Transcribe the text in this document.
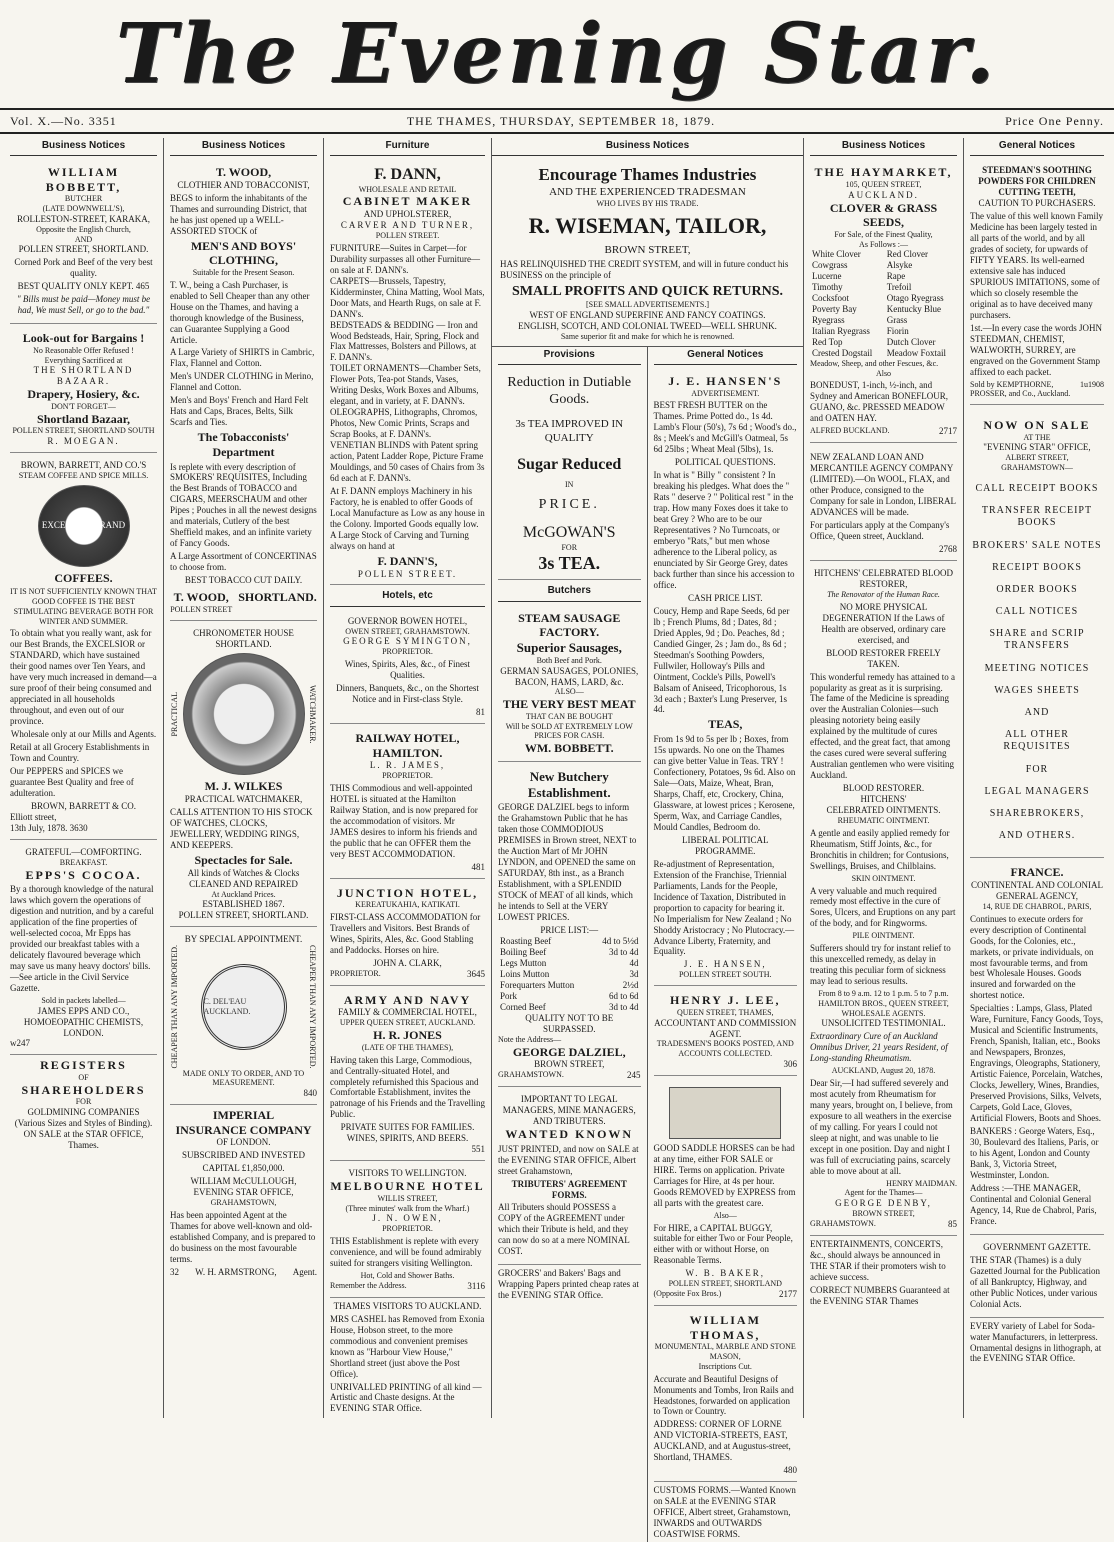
The Evening Star.
Vol. X.—No. 3351	THE THAMES, THURSDAY, SEPTEMBER 18, 1879.	Price One Penny.
Business Notices
WILLIAM BOBBETT,
BUTCHER
(LATE DOWNWELL'S),
ROLLESTON-STREET, KARAKA,
Opposite the English Church,
AND
POLLEN STREET, SHORTLAND.

Corned Pork and Beef of the very best quality.

BEST QUALITY ONLY KEPT. 465

" Bills must be paid—Money must be had, We must Sell, or go to the bad."

Look-out for Bargains !
No Reasonable Offer Refused !
Everything Sacrificed at
THE SHORTLAND BAZAAR.
Drapery, Hosiery, &c.
DON'T FORGET—
Shortland Bazaar,
POLLEN STREET, SHORTLAND SOUTH
R. MOEGAN.
BROWN, BARRETT, AND CO.'S
STEAM COFFEE AND SPICE MILLS.
EXCELSIOR BRAND
COFFEES.

IT IS NOT SUFFICIENTLY KNOWN THAT GOOD COFFEE IS THE BEST STIMULATING BEVERAGE BOTH FOR WINTER AND SUMMER.

To obtain what you really want, ask for our Best Brands, the EXCELSIOR or STANDARD, which have sustained their good names over Ten Years, and have very much increased in demand—a sure proof of their being consumed and appreciated in all households throughout, and even out of our province.

Wholesale only at our Mills and Agents.

Retail at all Grocery Establishments in Town and Country.

Our PEPPERS and SPICES we guarantee Best Quality and free of adulteration.

BROWN, BARRETT & CO.
Elliott street,
13th July, 1878. 3630
GRATEFUL—COMFORTING.
BREAKFAST.
EPPS'S COCOA.

By a thorough knowledge of the natural laws which govern the operations of digestion and nutrition, and by a careful application of the fine properties of well-selected cocoa, Mr Epps has provided our breakfast tables with a delicately flavoured beverage which may save us many heavy doctors' bills.—See article in the Civil Service Gazette.

Sold in packets labelled—
JAMES EPPS AND CO., HOMOEOPATHIC CHEMISTS, LONDON.
w247
REGISTERS
OF
SHAREHOLDERS
FOR
GOLDMINING COMPANIES
(Various Sizes and Styles of Binding).
ON SALE at the STAR OFFICE, Thames.
Business Notices
T. WOOD,
CLOTHIER AND TOBACCONIST,

BEGS to inform the inhabitants of the Thames and surrounding District, that he has just opened up a WELL-ASSORTED STOCK of

MEN'S AND BOYS' CLOTHING,
Suitable for the Present Season.

T. W., being a Cash Purchaser, is enabled to Sell Cheaper than any other House on the Thames, and having a thorough knowledge of the Business, can Guarantee Supplying a Good Article.

A Large Variety of SHIRTS in Cambric, Flax, Flannel and Cotton.

Men's UNDER CLOTHING in Merino, Flannel and Cotton.

Men's and Boys' French and Hard Felt Hats and Caps, Braces, Belts, Silk Scarfs and Ties.

The Tobacconists' Department

Is replete with every description of SMOKERS' REQUISITES, Including the Best Brands of TOBACCO and CIGARS, MEERSCHAUM and other Pipes ; Pouches in all the newest designs and materials, Cutlery of the best Sheffield makes, and an infinite variety of Fancy Goods.

A Large Assortment of CONCERTINAS to choose from.

BEST TOBACCO CUT DAILY.
T. WOOD,
POLLEN STREET
SHORTLAND.
CHRONOMETER HOUSE
SHORTLAND.
PRACTICAL	WATCHMAKER.
M. J. WILKES
PRACTICAL WATCHMAKER,

CALLS ATTENTION TO HIS STOCK OF WATCHES, CLOCKS, JEWELLERY, WEDDING RINGS, AND KEEPERS.

Spectacles for Sale.
All kinds of Watches & Clocks
CLEANED AND REPAIRED
At Auckland Prices.
ESTABLISHED 1867.
POLLEN STREET, SHORTLAND.
BY SPECIAL APPOINTMENT.
CHEAPER THAN ANY IMPORTED.	C. DEL'EAU AUCKLAND.	CHEAPER THAN ANY IMPORTED.
MADE ONLY TO ORDER, AND TO MEASUREMENT.
840
IMPERIAL
INSURANCE COMPANY
OF LONDON.

SUBSCRIBED AND INVESTED

CAPITAL £1,850,000.

WILLIAM McCULLOUGH,
EVENING STAR OFFICE,
GRAHAMSTOWN,

Has been appointed Agent at the Thames for above well-known and old-established Company, and is prepared to do business on the most favourable terms.

32 W. H. ARMSTRONG, Agent.
Furniture
F. DANN,
WHOLESALE AND RETAIL
CABINET MAKER
AND UPHOLSTERER,
CARVER AND TURNER,
POLLEN STREET.

FURNITURE—Suites in Carpet—for Durability surpasses all other Furniture—on sale at F. DANN's.
CARPETS—Brussels, Tapestry, Kidderminster, China Matting, Wool Mats, Door Mats, and Hearth Rugs, on sale at F. DANN's.
BEDSTEADS & BEDDING — Iron and Wood Bedsteads, Hair, Spring, Flock and Flax Mattresses, Bolsters and Pillows, at F. DANN's.
TOILET ORNAMENTS—Chamber Sets, Flower Pots, Tea-pot Stands, Vases, Writing Desks, Work Boxes and Albums, elegant, and in variety, at F. DANN's.
OLEOGRAPHS, Lithographs, Chromos, Photos, New Comic Prints, Scraps and Scrap Books, at F. DANN's.
VENETIAN BLINDS with Patent spring action, Patent Ladder Rope, Picture Frame Mouldings, and 50 cases of Chairs from 3s 6d each at F. DANN's.

At F. DANN employs Machinery in his Factory, he is enabled to offer Goods of Local Manufacture as Low as any house in the Colony. Imported Goods equally low. A Large Stock of Carving and Turning always on hand at

F. DANN'S,
POLLEN STREET.
Hotels, etc
GOVERNOR BOWEN HOTEL,
OWEN STREET, GRAHAMSTOWN.
GEORGE SYMINGTON,
PROPRIETOR.

Wines, Spirits, Ales, &c., of Finest Qualities.

Dinners, Banquets, &c., on the Shortest Notice and in First-class Style.

81
RAILWAY HOTEL, HAMILTON.
L. R. JAMES,
PROPRIETOR.

THIS Commodious and well-appointed HOTEL is situated at the Hamilton Railway Station, and is now prepared for the accommodation of visitors. Mr JAMES desires to inform his friends and the public that he can OFFER them the very BEST ACCOMMODATION.

481
JUNCTION HOTEL,
KEREATUKAHIA, KATIKATI.

FIRST-CLASS ACCOMMODATION for Travellers and Visitors. Best Brands of Wines, Spirits, Ales, &c. Good Stabling and Paddocks. Horses on hire.

JOHN A. CLARK,
PROPRIETOR.	3645
ARMY AND NAVY
FAMILY & COMMERCIAL HOTEL,
UPPER QUEEN STREET, AUCKLAND.
H. R. JONES
(LATE OF THE THAMES),

Having taken this Large, Commodious, and Centrally-situated Hotel, and completely refurnished this Spacious and Comfortable Establishment, invites the patronage of his Friends and the Travelling Public.

PRIVATE SUITES FOR FAMILIES.
WINES, SPIRITS, AND BEERS.
551
VISITORS TO WELLINGTON.
MELBOURNE HOTEL
WILLIS STREET,
(Three minutes' walk from the Wharf.)
J. N. OWEN,
PROPRIETOR.

THIS Establishment is replete with every convenience, and will be found admirably suited for strangers visiting Wellington.

Hot, Cold and Shower Baths.
Remember the Address.	3116
THAMES VISITORS TO AUCKLAND.

MRS CASHEL has Removed from Exonia House, Hobson street, to the more commodious and convenient premises known as "Harbour View House," Shortland street (just above the Post Office).

UNRIVALLED PRINTING of all kind —Artistic and Chaste designs. At the EVENING STAR Office.

Business Notices
Encourage Thames Industries
AND THE EXPERIENCED TRADESMAN
WHO LIVES BY HIS TRADE.
R. WISEMAN, TAILOR,
BROWN STREET,

HAS RELINQUISHED THE CREDIT SYSTEM, and will in future conduct his BUSINESS on the principle of

SMALL PROFITS AND QUICK RETURNS.
[SEE SMALL ADVERTISEMENTS.]
WEST OF ENGLAND SUPERFINE AND FANCY COATINGS.
ENGLISH, SCOTCH, AND COLONIAL TWEED—WELL SHRUNK.
Same superior fit and make for which he is renowned.
Provisions
Reduction in Dutiable
Goods.

3s TEA IMPROVED IN QUALITY

Sugar Reduced
IN
PRICE.
McGOWAN'S
FOR
3s TEA.
Butchers
STEAM SAUSAGE FACTORY.
Superior Sausages,
Both Beef and Pork.
GERMAN SAUSAGES, POLONIES,
BACON, HAMS, LARD, &c.
ALSO—
THE VERY BEST MEAT
THAT CAN BE BOUGHT
Will be SOLD AT EXTREMELY LOW
PRICES FOR CASH.
WM. BOBBETT.
New Butchery Establishment.

GEORGE DALZIEL begs to inform the Grahamstown Public that he has taken those COMMODIOUS PREMISES in Brown street, NEXT to the Auction Mart of Mr JOHN LYNDON, and OPENED the same on SATURDAY, 8th inst., as a Branch Establishment, with a SPLENDID STOCK of MEAT of all kinds, which he intends to Sell at the VERY LOWEST PRICES.

PRICE LIST:—
Roasting Beef	4d to 5½d
Boiling Beef	3d to 4d
Legs Mutton	4d
Loins Mutton	3d
Forequarters Mutton	2½d
Pork	6d to 6d
Corned Beef	3d to 4d
QUALITY NOT TO BE SURPASSED.
Note the Address—
GEORGE DALZIEL,
BROWN STREET,
GRAHAMSTOWN.	245
IMPORTANT TO LEGAL MANAGERS, MINE MANAGERS, AND TRIBUTERS.
WANTED KNOWN

JUST PRINTED, and now on SALE at the EVENING STAR OFFICE, Albert street Grahamstown,

TRIBUTERS' AGREEMENT FORMS.

All Tributers should POSSESS a COPY of the AGREEMENT under which their Tribute is held, and they can now do so at a mere NOMINAL COST.

GROCERS' and Bakers' Bags and Wrapping Papers printed cheap rates at the EVENING STAR Office.

General Notices
J. E. HANSEN'S
ADVERTISEMENT.

BEST FRESH BUTTER on the Thames. Prime Potted do., 1s 4d. Lamb's Flour (50's), 7s 6d ; Wood's do., 8s ; Meek's and McGill's Oatmeal, 5s 6d 25lbs ; Wheat Meal (5lbs), 1s.

POLITICAL QUESTIONS.

In what is " Billy " consistent ? In breaking his pledges. What does the " Rats " deserve ? " Political rest " in the trap. How many Foxes does it take to beat Grey ? Who are to be our Representatives ? No Turncoats, or emberyo "Rats," but men whose adherence to the Liberal policy, as enunciated by Sir George Grey, dates back further than since his accession to office.

CASH PRICE LIST.

Coucy, Hemp and Rape Seeds, 6d per lb ; French Plums, 8d ; Dates, 8d ; Dried Apples, 9d ; Do. Peaches, 8d ; Candied Ginger, 2s ; Jam do., 8s 6d ; Steedman's Soothing Powders, Fullwiler, Holloway's Pills and Ointment, Cockle's Pills, Powell's Balsam of Aniseed, Tricophorous, 1s 3d each ; Baxter's Lung Preserver, 1s 4d.

TEAS,

From 1s 9d to 5s per lb ; Boxes, from 15s upwards. No one on the Thames can give better Value in Teas. TRY ! Confectionery, Potatoes, 9s 6d. Also on Sale—Oats, Maize, Wheat, Bran, Sharps, Chaff, etc, Crockery, China, Glassware, at lowest prices ; Kerosene, Sperm, Wax, and Carriage Candles, Mould Candles, Bedroom do.

LIBERAL POLITICAL PROGRAMME.

Re-adjustment of Representation, Extension of the Franchise, Triennial Parliaments, Lands for the People, Incidence of Taxation, Distributed in proportion to capacity for bearing it. No Imperialism for New Zealand ; No Shoddy Aristocracy ; No Plutocracy.—Advance Liberty, Fraternity, and Equality.

J. E. HANSEN,
POLLEN STREET SOUTH.
HENRY J. LEE,
QUEEN STREET, THAMES,
ACCOUNTANT AND COMMISSION AGENT.
TRADESMEN'S BOOKS POSTED, AND ACCOUNTS COLLECTED.
306

GOOD SADDLE HORSES can be had at any time, either FOR SALE or HIRE. Terms on application. Private Carriages for Hire, at 4s per hour. Goods REMOVED by EXPRESS from all parts with the greatest care.

Also—

For HIRE, a CAPITAL BUGGY, suitable for either Two or Four People, either with or without Horse, on Reasonable Terms.

W. B. BAKER,
POLLEN STREET, SHORTLAND
(Opposite Fox Bros.)	2177
WILLIAM THOMAS,
MONUMENTAL, MARBLE AND STONE MASON,
Inscriptions Cut.

Accurate and Beautiful Designs of Monuments and Tombs, Iron Rails and Headstones, forwarded on application to Town or Country.

ADDRESS: CORNER OF LORNE AND VICTORIA-STREETS, EAST, AUCKLAND, and at Augustus-street, Shortland, THAMES.

480

CUSTOMS FORMS.—Wanted Known on SALE at the EVENING STAR OFFICE, Albert street, Grahamstown, INWARDS and OUTWARDS COASTWISE FORMS.

Business Notices
THE HAYMARKET,
105, QUEEN STREET,
AUCKLAND.
CLOVER & GRASS SEEDS,
For Sale, of the Finest Quality,
As Follows :—
White Clover	Red Clover
Cowgrass	Alsyke
Lucerne	Rape
Timothy	Trefoil
Cocksfoot	Otago Ryegrass
Poverty Bay Ryegrass	Kentucky Blue Grass
Italian Ryegrass	Fiorin
Red Top	Dutch Clover
Crested Dogstail	Meadow Foxtail
Meadow, Sheep, and other Fescues, &c.
Also

BONEDUST, 1-inch, ½-inch, and Sydney and American BONEFLOUR, GUANO, &c. PRESSED MEADOW and OATEN HAY.

ALFRED BUCKLAND.	2717

NEW ZEALAND LOAN AND MERCANTILE AGENCY COMPANY (LIMITED).—On WOOL, FLAX, and other Produce, consigned to the Company for sale in London, LIBERAL ADVANCES will be made.

For particulars apply at the Company's Office, Queen street, Auckland.

2768
HITCHENS' CELEBRATED BLOOD RESTORER,
The Renovator of the Human Race.

NO MORE PHYSICAL DEGENERATION If the Laws of Health are observed, ordinary care exercised, and

BLOOD RESTORER FREELY TAKEN.

This wonderful remedy has attained to a popularity as great as it is surprising. The fame of the Medicine is spreading over the Australian Colonies—such pleasing notoriety being easily explained by the multitude of cures effected, and the great fact, that among the cases cured were several suffering Australian gentlemen who were visiting Auckland.

BLOOD RESTORER.
HITCHENS'
CELEBRATED OINTMENTS.
RHEUMATIC OINTMENT.

A gentle and easily applied remedy for Rheumatism, Stiff Joints, &c., for Bronchitis in children; for Contusions, Swellings, Bruises, and Chilblains.

SKIN OINTMENT.

A very valuable and much required remedy most effective in the cure of Sores, Ulcers, and Eruptions on any part of the body, and for Ringworms.

PILE OINTMENT.

Sufferers should try for instant relief to this unexcelled remedy, as delay in treating this peculiar form of sickness may lead to serious results.

From 8 to 9 a.m. 12 to 1 p.m. 5 to 7 p.m.
HAMILTON BROS., QUEEN STREET, WHOLESALE AGENTS.
UNSOLICITED TESTIMONIAL.

Extraordinary Cure of an Auckland Omnibus Driver, 21 years Resident, of Long-standing Rheumatism.

AUCKLAND, August 20, 1878.

Dear Sir,—I had suffered severely and most acutely from Rheumatism for many years, brought on, I believe, from exposure to all weathers in the exercise of my calling. For years I could not sleep at night, and was unable to lie except in one position. Day and night I was full of excruciating pains, scarcely able to move about at all.

HENRY MAIDMAN.
Agent for the Thames—
GEORGE DENBY,
BROWN STREET,
GRAHAMSTOWN.	85

ENTERTAINMENTS, CONCERTS, &c., should always be announced in THE STAR if their promoters wish to achieve success.

CORRECT NUMBERS Guaranteed at the EVENING STAR Thames

General Notices
STEEDMAN'S SOOTHING POWDERS FOR CHILDREN CUTTING TEETH,
CAUTION TO PURCHASERS.

The value of this well known Family Medicine has been largely tested in all parts of the world, and by all grades of society, for upwards of FIFTY YEARS. Its well-earned extensive sale has induced SPURIOUS IMITATIONS, some of which so closely resemble the original as to have deceived many purchasers.

1st.—In every case the words JOHN STEEDMAN, CHEMIST, WALWORTH, SURREY, are engraved on the Government Stamp affixed to each packet.

Sold by KEMPTHORNE, PROSSER, and Co., Auckland.
1u1908
NOW ON SALE
AT THE
"EVENING STAR" OFFICE,
ALBERT STREET,
GRAHAMSTOWN—
CALL RECEIPT BOOKS
TRANSFER RECEIPT BOOKS
BROKERS' SALE NOTES
RECEIPT BOOKS
ORDER BOOKS
CALL NOTICES
SHARE and SCRIP TRANSFERS
MEETING NOTICES
WAGES SHEETS
AND
ALL OTHER REQUISITES
FOR
LEGAL MANAGERS
SHAREBROKERS,
AND OTHERS.
FRANCE.
CONTINENTAL AND COLONIAL GENERAL AGENCY,
14, RUE DE CHABROL, PARIS,

Continues to execute orders for every description of Continental Goods, for the Colonies, etc., markets, or private individuals, on most favourable terms, and from best Wholesale Houses. Goods insured and forwarded on the shortest notice.

Specialties : Lamps, Glass, Plated Ware, Furniture, Fancy Goods, Toys, Musical and Scientific Instruments, French, Spanish, Italian, etc., Books and Newspapers, Bronzes, Engravings, Oleographs, Stationery, Artistic Faience, Porcelain, Watches, Clocks, Jewellery, Wines, Brandies, Preserved Provisions, Silks, Velvets, Carpets, Gold Lace, Gloves, Artificial Flowers, Boots and Shoes.

BANKERS : George Waters, Esq., 30, Boulevard des Italiens, Paris, or to his Agent, London and County Bank, 3, Victoria Street, Westminster, London.

Address :—THE MANAGER, Continental and Colonial General Agency, 14, Rue de Chabrol, Paris, France.

GOVERNMENT GAZETTE.

THE STAR (Thames) is a duly Gazetted Journal for the Publication of all Bankruptcy, Highway, and other Public Notices, under various Colonial Acts.

EVERY variety of Label for Soda-water Manufacturers, in letterpress. Ornamental designs in lithograph, at the EVENING STAR Office.
